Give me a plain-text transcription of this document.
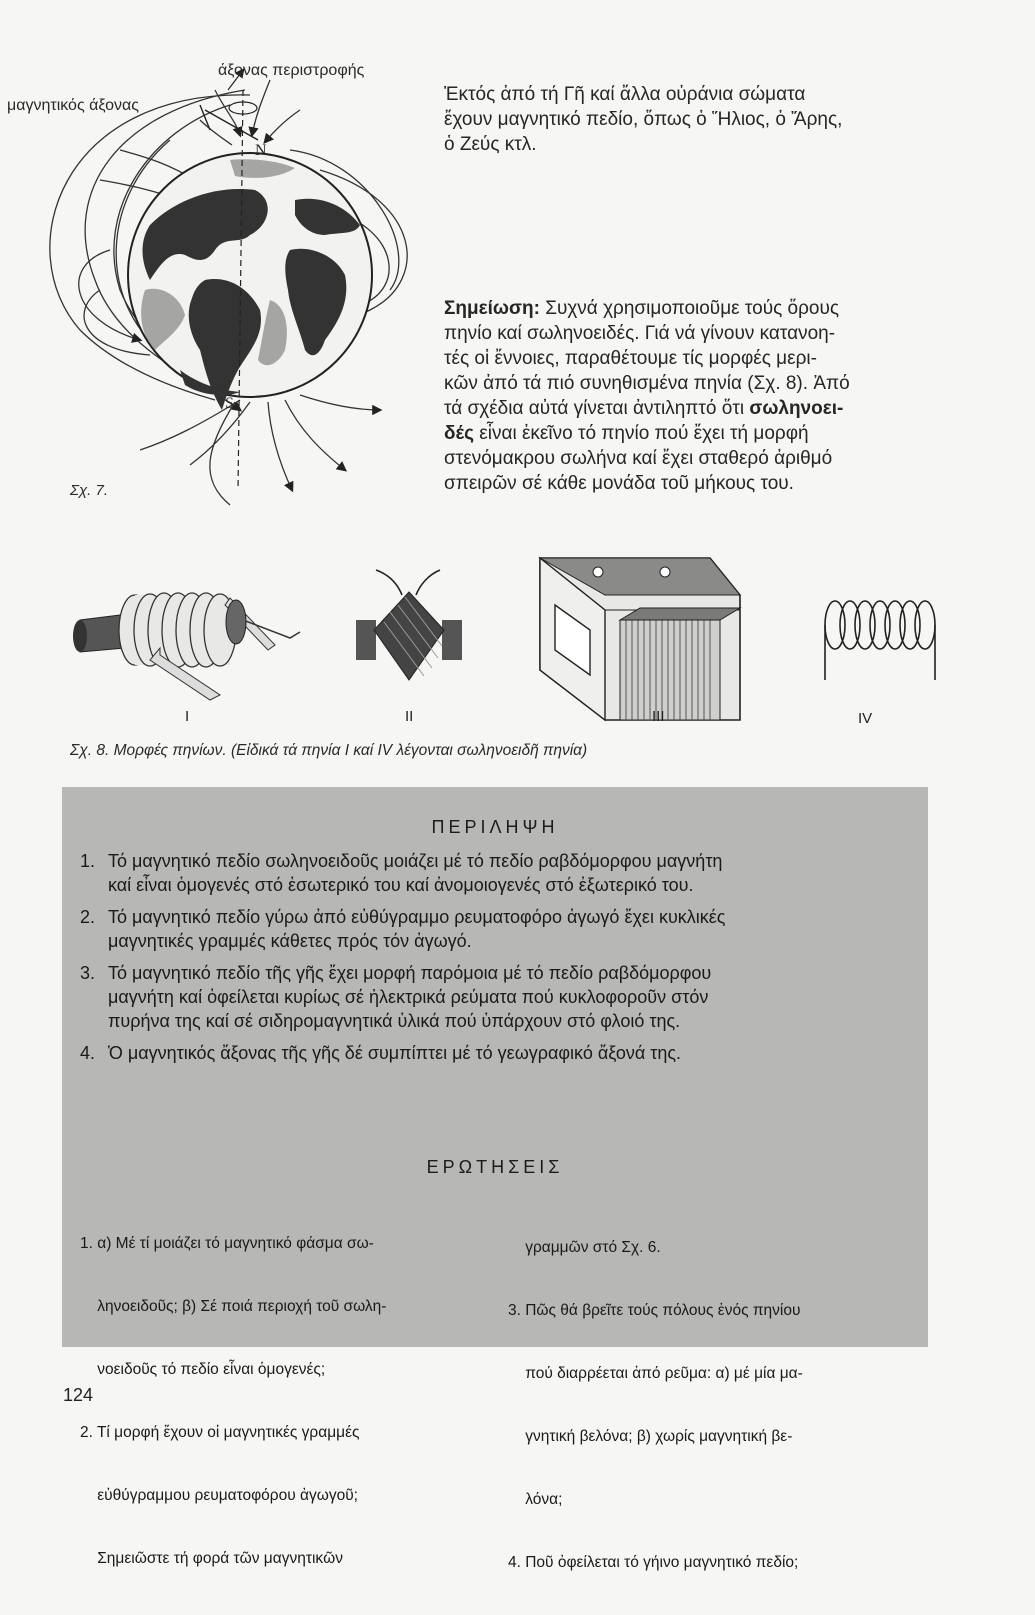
άξονας περιστροφής
μαγνητικός άξονας
N
S
Σχ. 7.
Ἐκτός ἀπό τή Γῆ καί ἄλλα οὐράνια σώματα
ἔχουν μαγνητικό πεδίο, ὅπως ὁ Ἥλιος, ὁ Ἄρης,
ὁ Ζεύς κτλ.
Σημείωση: Συχνά χρησιμοποιοῦμε τούς ὅρους
πηνίο καί σωληνοειδές. Γιά νά γίνουν κατανοη-
τές οἱ ἔννοιες, παραθέτουμε τίς μορφές μερι-
κῶν ἀπό τά πιό συνηθισμένα πηνία (Σχ. 8). Ἀπό
τά σχέδια αὐτά γίνεται ἀντιληπτό ὅτι σωληνοει-
δές εἶναι ἐκεῖνο τό πηνίο πού ἔχει τή μορφή
στενόμακρου σωλήνα καί ἔχει σταθερό ἀριθμό
σπειρῶν σέ κάθε μονάδα τοῦ μήκους του.
I	II	III	IV
Σχ. 8. Μορφές πηνίων. (Εἰδικά τά πηνία I καί IV λέγονται σωληνοειδῆ πηνία)
ΠΕΡΙΛΗΨΗ
1. Τό μαγνητικό πεδίο σωληνοειδοῦς μοιάζει μέ τό πεδίο ραβδόμορφου μαγνήτη
καί εἶναι ὁμογενές στό ἐσωτερικό του καί ἀνομοιογενές στό ἐξωτερικό του.
2. Τό μαγνητικό πεδίο γύρω ἀπό εὐθύγραμμο ρευματοφόρο ἀγωγό ἔχει κυκλικές
μαγνητικές γραμμές κάθετες πρός τόν ἀγωγό.
3. Τό μαγνητικό πεδίο τῆς γῆς ἔχει μορφή παρόμοια μέ τό πεδίο ραβδόμορφου
μαγνήτη καί ὀφείλεται κυρίως σέ ἠλεκτρικά ρεύματα πού κυκλοφοροῦν στόν
πυρήνα της καί σέ σιδηρομαγνητικά ὑλικά πού ὑπάρχουν στό φλοιό της.
4. Ὁ μαγνητικός ἄξονας τῆς γῆς δέ συμπίπτει μέ τό γεωγραφικό ἄξονά της.
ΕΡΩΤΗΣΕΙΣ

1. α) Μέ τί μοιάζει τό μαγνητικό φάσμα σω-

ληνοειδοῦς; β) Σέ ποιά περιοχή τοῦ σωλη-

νοειδοῦς τό πεδίο εἶναι ὁμογενές;

2. Τί μορφή ἔχουν οἱ μαγνητικές γραμμές

εὐθύγραμμου ρευματοφόρου ἀγωγοῦ;

Σημειῶστε τή φορά τῶν μαγνητικῶν

γραμμῶν στό Σχ. 6.

3. Πῶς θά βρεῖτε τούς πόλους ἑνός πηνίου

πού διαρρέεται ἀπό ρεῦμα: α) μέ μία μα-

γνητική βελόνα; β) χωρίς μαγνητική βε-

λόνα;

4. Ποῦ ὀφείλεται τό γήινο μαγνητικό πεδίο;

124
